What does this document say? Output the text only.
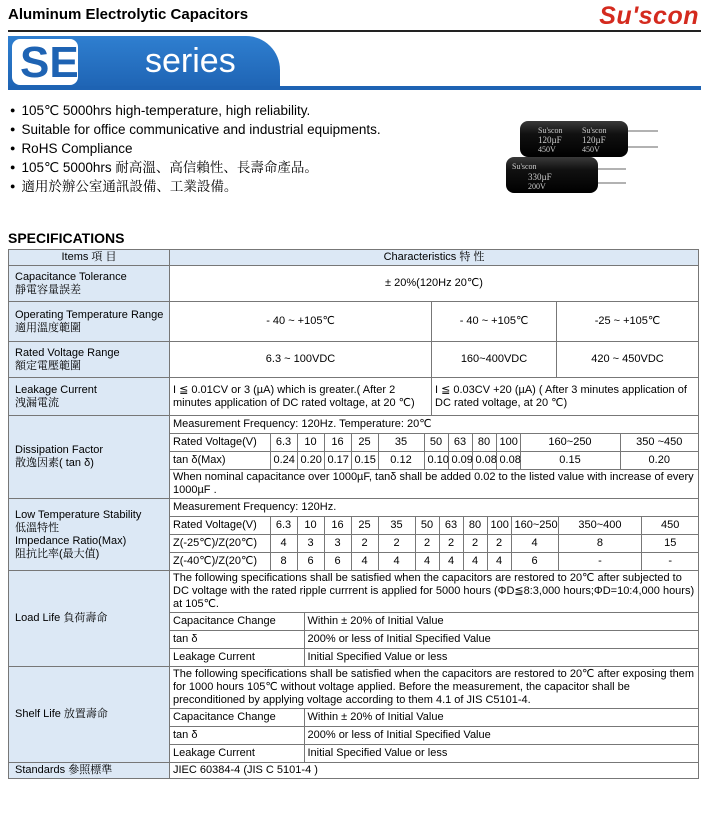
Aluminum Electrolytic Capacitors	Su'scon
SE series
● 105℃ 5000hrs high-temperature, high reliability.
● Suitable for office communicative and industrial equipments.
● RoHS Compliance
● 105℃ 5000hrs 耐高溫、高信賴性、長壽命產品。
● 適用於辦公室通訊設備、工業設備。
Su'scon Su'scon
120µF 120µF
450V	450V
Su'scon
330µF
200V
SPECIFICATIONS
Items 項 目	Characteristics 特 性

Capacitance Tolerance
靜電容量誤差
	± 20%(120Hz 20℃)

Operating Temperature Range
適用溫度範圍
	- 40 ~ +105℃	- 40 ~ +105℃	-25 ~ +105℃

Rated Voltage Range
額定電壓範圍
	6.3 ~ 100VDC	160~400VDC	420 ~ 450VDC

Leakage Current
洩漏電流
	I ≦ 0.01CV or 3 (µA) which is greater.( After 2 minutes application of DC rated voltage, at 20 ℃)	I ≦ 0.03CV +20 (µA) ( After 3 minutes application of DC rated voltage, at 20 ℃)

Dissipation Factor
散逸因素( tan δ)

Measurement Frequency: 120Hz. Temperature: 20℃
Rated Voltage(V)	6.3	10	16	25	35	50	63	80	100	160~250	350 ~450
tan δ(Max)	0.24	0.20	0.17	0.15	0.12	0.10	0.09	0.08	0.08	0.15	0.20
When nominal capacitance over 1000µF, tanδ shall be added 0.02 to the listed value with increase of every 1000µF .

Low Temperature Stability
低溫特性
Impedance Ratio(Max)
阻抗比率(最大值)

Measurement Frequency: 120Hz.
Rated Voltage(V)	6.3	10	16	25	35	50	63	80	100	160~250	350~400	450
Z(-25℃)/Z(20℃)	4	3	3	2	2	2	2	2	2	4	8	15
Z(-40℃)/Z(20℃)	8	6	6	4	4	4	4	4	4	6	-	-

Load Life 負荷壽命	
The following specifications shall be satisfied when the capacitors are restored to 20℃ after subjected to DC voltage with the rated ripple currrent is applied for 5000 hours (ΦD≦8:3,000 hours;ΦD=10:4,000 hours) at 105℃.
Capacitance Change	Within ± 20% of Initial Value
tan δ	200% or less of Initial Specified Value
Leakage Current	Initial Specified Value or less

Shelf Life 放置壽命	
The following specifications shall be satisfied when the capacitors are restored to 20℃ after exposing them for 1000 hours 105℃ without voltage applied. Before the measurement, the capacitor shall be preconditioned by applying voltage according to them 4.1 of JIS C5101-4.
Capacitance Change	Within ± 20% of Initial Value
tan δ	200% or less of Initial Specified Value
Leakage Current	Initial Specified Value or less

Standards 參照標準	JIEC 60384-4 (JIS C 5101-4 )
